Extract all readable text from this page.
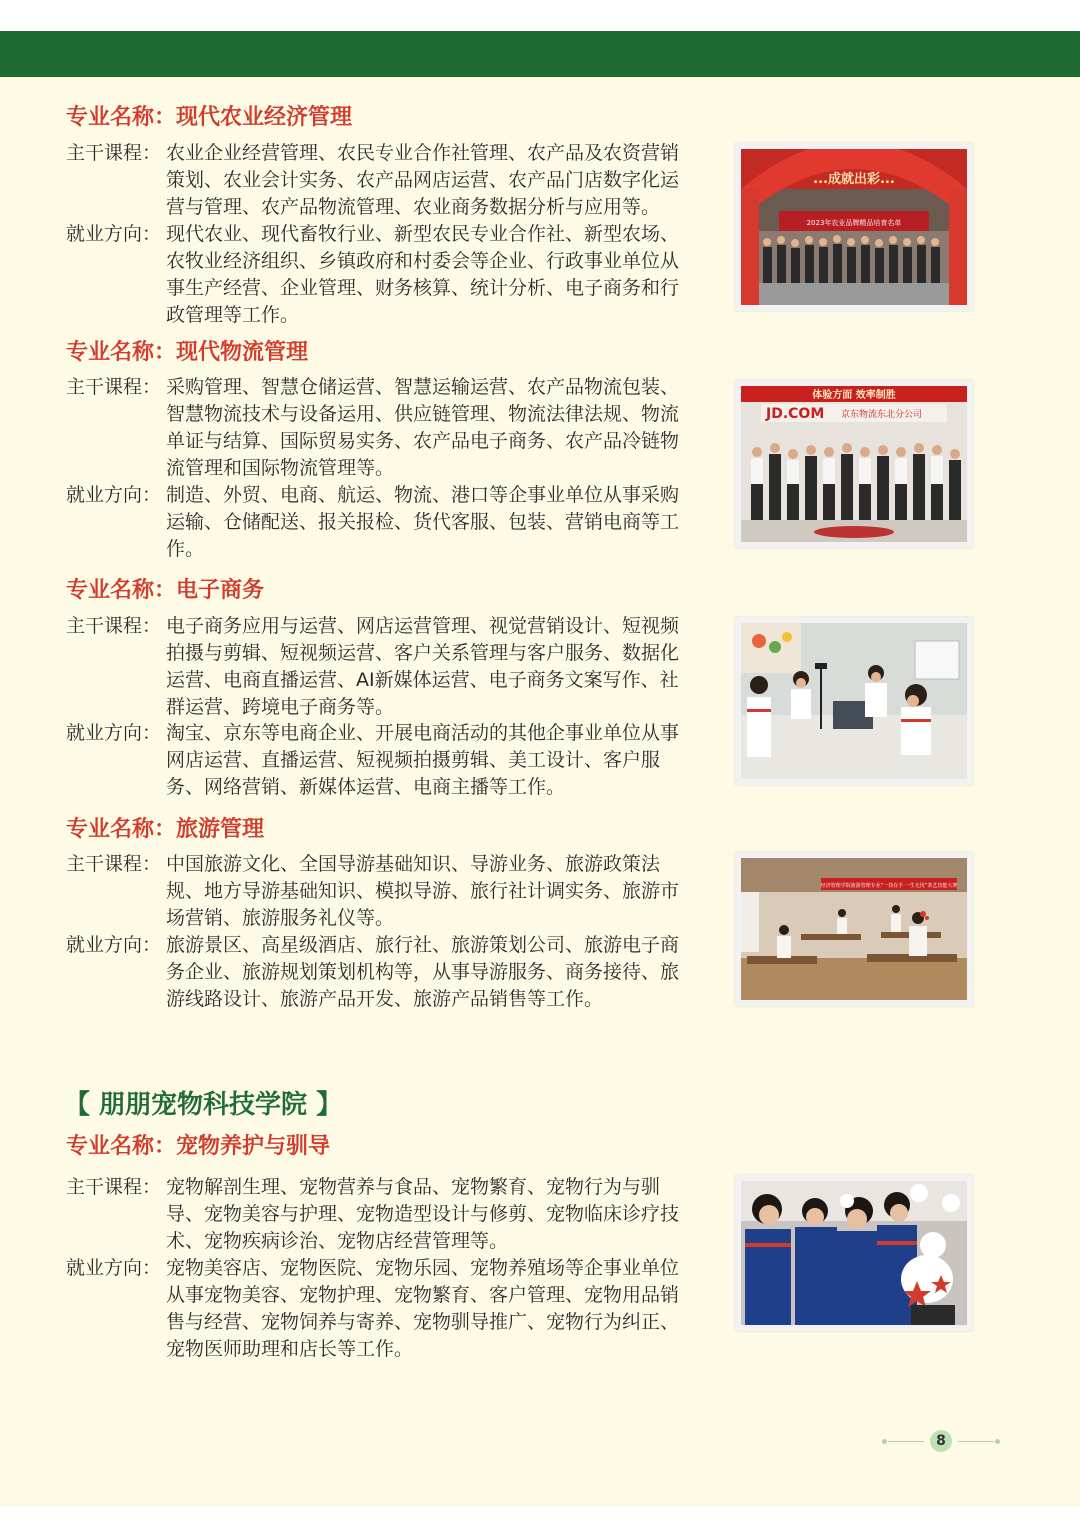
专业名称：现代农业经济管理
主干课程： 农业企业经营管理、农民专业合作社管理、农产品及农资营销策划、农业会计实务、农产品网店运营、农产品门店数字化运营与管理、农产品物流管理、农业商务数据分析与应用等。
就业方向： 现代农业、现代畜牧行业、新型农民专业合作社、新型农场、农牧业经济组织、乡镇政府和村委会等企业、行政事业单位从事生产经营、企业管理、财务核算、统计分析、电子商务和行政管理等工作。
专业名称：现代物流管理
主干课程： 采购管理、智慧仓储运营、智慧运输运营、农产品物流包装、智慧物流技术与设备运用、供应链管理、物流法律法规、物流单证与结算、国际贸易实务、农产品电子商务、农产品冷链物流管理和国际物流管理等。
就业方向： 制造、外贸、电商、航运、物流、港口等企事业单位从事采购运输、仓储配送、报关报检、货代客服、包装、营销电商等工作。
专业名称：电子商务
主干课程： 电子商务应用与运营、网店运营管理、视觉营销设计、短视频拍摄与剪辑、短视频运营、客户关系管理与客户服务、数据化运营、电商直播运营、AI新媒体运营、电子商务文案写作、社群运营、跨境电子商务等。
就业方向： 淘宝、京东等电商企业、开展电商活动的其他企事业单位从事网店运营、直播运营、短视频拍摄剪辑、美工设计、客户服务、网络营销、新媒体运营、电商主播等工作。
专业名称：旅游管理
主干课程： 中国旅游文化、全国导游基础知识、导游业务、旅游政策法规、地方导游基础知识、模拟导游、旅行社计调实务、旅游市场营销、旅游服务礼仪等。
就业方向： 旅游景区、高星级酒店、旅行社、旅游策划公司、旅游电子商务企业、旅游规划策划机构等，从事导游服务、商务接待、旅游线路设计、旅游产品开发、旅游产品销售等工作。
【 朋朋宠物科技学院 】
专业名称：宠物养护与驯导
主干课程： 宠物解剖生理、宠物营养与食品、宠物繁育、宠物行为与驯导、宠物美容与护理、宠物造型设计与修剪、宠物临床诊疗技术、宠物疾病诊治、宠物店经营管理等。
就业方向： 宠物美容店、宠物医院、宠物乐园、宠物养殖场等企事业单位从事宠物美容、宠物护理、宠物繁育、客户管理、宠物用品销售与经营、宠物饲养与寄养、宠物驯导推广、宠物行为纠正、宠物医师助理和店长等工作。
...成就出彩...
2023年农业品牌精品培育名单
体验方面 效率制胜
JD.COM 京东物流东北分公司
经济管理学院旅游管理专业“一技在手 一生无忧”茶艺技能大赛
8
